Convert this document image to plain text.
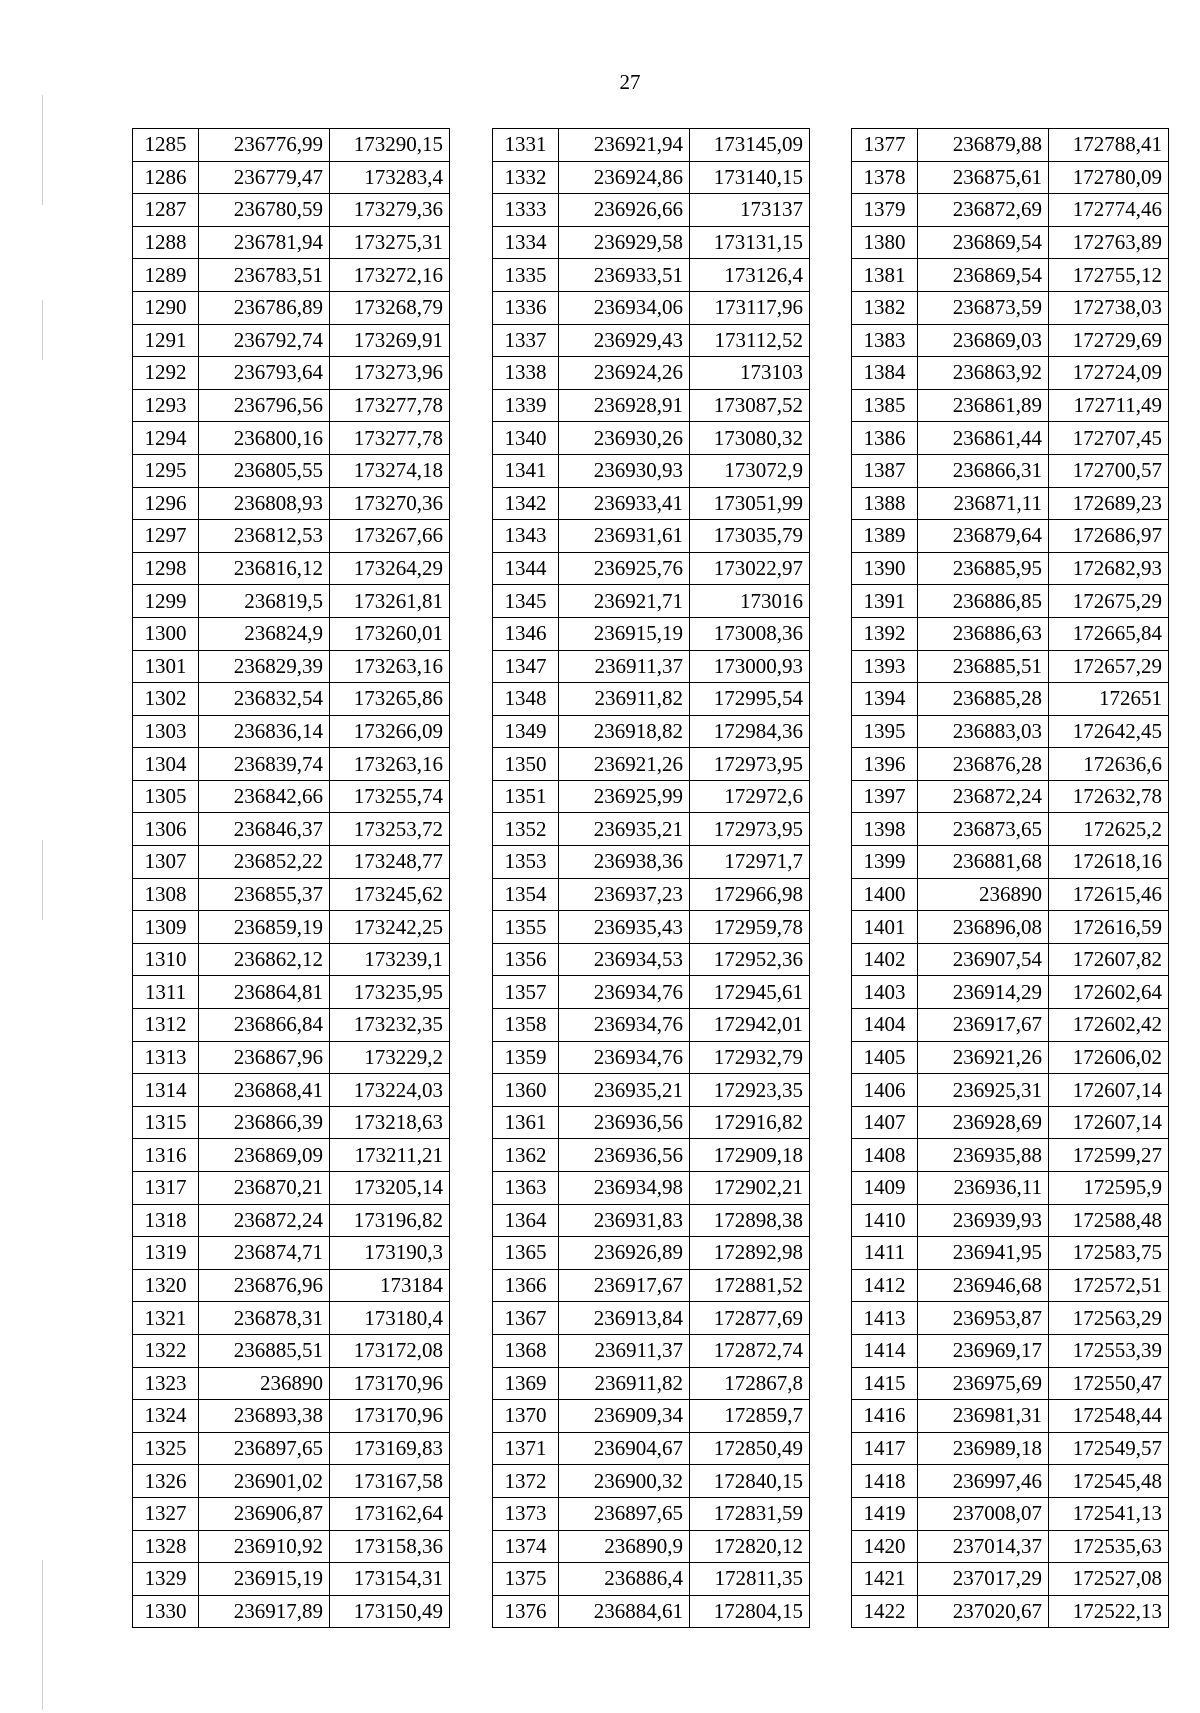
27
1285	236776,99	173290,15
1286	236779,47	173283,4
1287	236780,59	173279,36
1288	236781,94	173275,31
1289	236783,51	173272,16
1290	236786,89	173268,79
1291	236792,74	173269,91
1292	236793,64	173273,96
1293	236796,56	173277,78
1294	236800,16	173277,78
1295	236805,55	173274,18
1296	236808,93	173270,36
1297	236812,53	173267,66
1298	236816,12	173264,29
1299	236819,5	173261,81
1300	236824,9	173260,01
1301	236829,39	173263,16
1302	236832,54	173265,86
1303	236836,14	173266,09
1304	236839,74	173263,16
1305	236842,66	173255,74
1306	236846,37	173253,72
1307	236852,22	173248,77
1308	236855,37	173245,62
1309	236859,19	173242,25
1310	236862,12	173239,1
1311	236864,81	173235,95
1312	236866,84	173232,35
1313	236867,96	173229,2
1314	236868,41	173224,03
1315	236866,39	173218,63
1316	236869,09	173211,21
1317	236870,21	173205,14
1318	236872,24	173196,82
1319	236874,71	173190,3
1320	236876,96	173184
1321	236878,31	173180,4
1322	236885,51	173172,08
1323	236890	173170,96
1324	236893,38	173170,96
1325	236897,65	173169,83
1326	236901,02	173167,58
1327	236906,87	173162,64
1328	236910,92	173158,36
1329	236915,19	173154,31
1330	236917,89	173150,49
1331	236921,94	173145,09
1332	236924,86	173140,15
1333	236926,66	173137
1334	236929,58	173131,15
1335	236933,51	173126,4
1336	236934,06	173117,96
1337	236929,43	173112,52
1338	236924,26	173103
1339	236928,91	173087,52
1340	236930,26	173080,32
1341	236930,93	173072,9
1342	236933,41	173051,99
1343	236931,61	173035,79
1344	236925,76	173022,97
1345	236921,71	173016
1346	236915,19	173008,36
1347	236911,37	173000,93
1348	236911,82	172995,54
1349	236918,82	172984,36
1350	236921,26	172973,95
1351	236925,99	172972,6
1352	236935,21	172973,95
1353	236938,36	172971,7
1354	236937,23	172966,98
1355	236935,43	172959,78
1356	236934,53	172952,36
1357	236934,76	172945,61
1358	236934,76	172942,01
1359	236934,76	172932,79
1360	236935,21	172923,35
1361	236936,56	172916,82
1362	236936,56	172909,18
1363	236934,98	172902,21
1364	236931,83	172898,38
1365	236926,89	172892,98
1366	236917,67	172881,52
1367	236913,84	172877,69
1368	236911,37	172872,74
1369	236911,82	172867,8
1370	236909,34	172859,7
1371	236904,67	172850,49
1372	236900,32	172840,15
1373	236897,65	172831,59
1374	236890,9	172820,12
1375	236886,4	172811,35
1376	236884,61	172804,15
1377	236879,88	172788,41
1378	236875,61	172780,09
1379	236872,69	172774,46
1380	236869,54	172763,89
1381	236869,54	172755,12
1382	236873,59	172738,03
1383	236869,03	172729,69
1384	236863,92	172724,09
1385	236861,89	172711,49
1386	236861,44	172707,45
1387	236866,31	172700,57
1388	236871,11	172689,23
1389	236879,64	172686,97
1390	236885,95	172682,93
1391	236886,85	172675,29
1392	236886,63	172665,84
1393	236885,51	172657,29
1394	236885,28	172651
1395	236883,03	172642,45
1396	236876,28	172636,6
1397	236872,24	172632,78
1398	236873,65	172625,2
1399	236881,68	172618,16
1400	236890	172615,46
1401	236896,08	172616,59
1402	236907,54	172607,82
1403	236914,29	172602,64
1404	236917,67	172602,42
1405	236921,26	172606,02
1406	236925,31	172607,14
1407	236928,69	172607,14
1408	236935,88	172599,27
1409	236936,11	172595,9
1410	236939,93	172588,48
1411	236941,95	172583,75
1412	236946,68	172572,51
1413	236953,87	172563,29
1414	236969,17	172553,39
1415	236975,69	172550,47
1416	236981,31	172548,44
1417	236989,18	172549,57
1418	236997,46	172545,48
1419	237008,07	172541,13
1420	237014,37	172535,63
1421	237017,29	172527,08
1422	237020,67	172522,13
